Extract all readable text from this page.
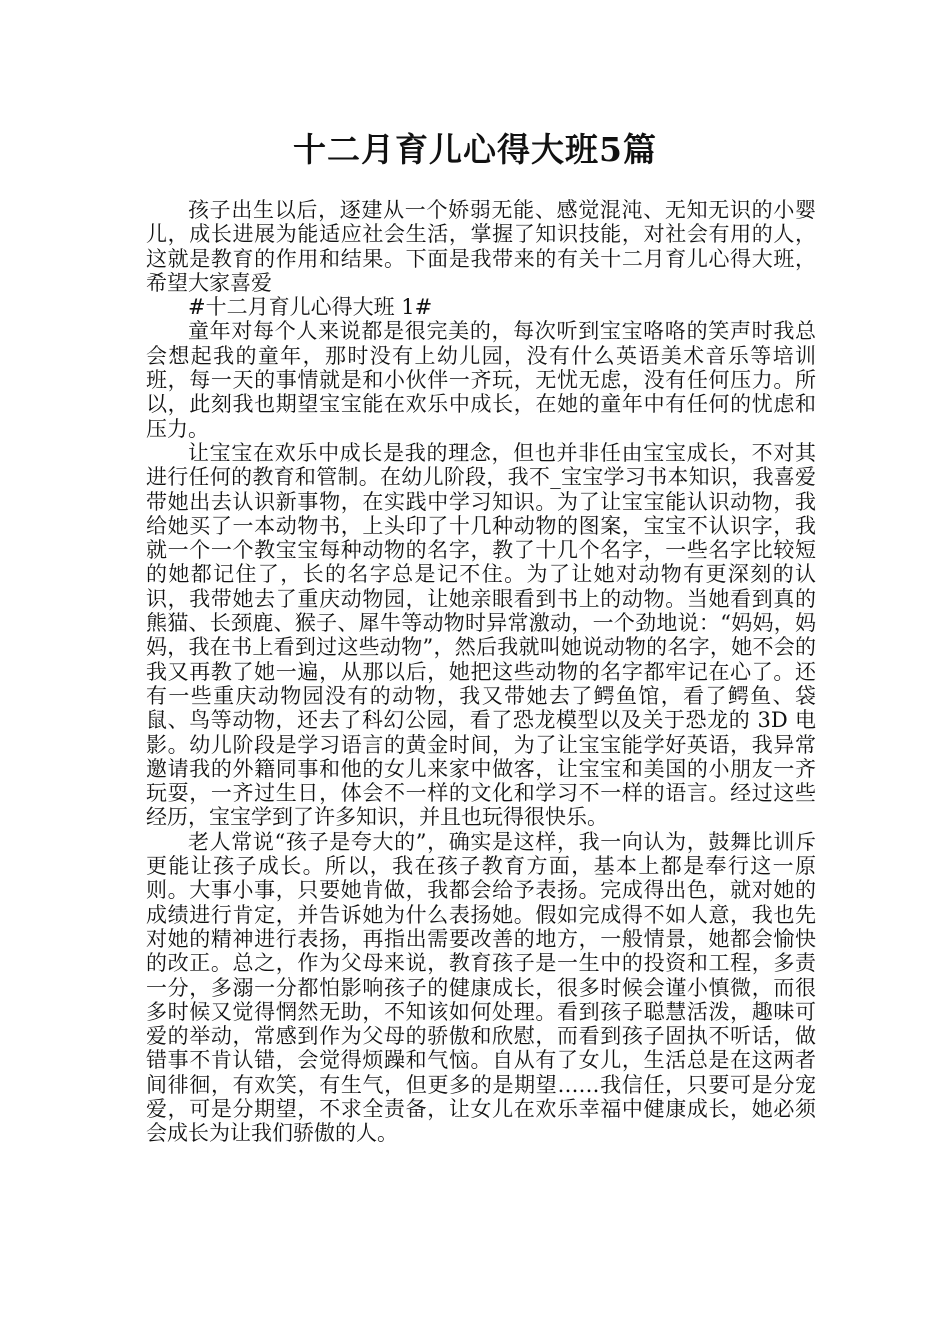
十二月育儿心得大班5篇

孩子出生以后，逐建从一个娇弱无能、感觉混沌、无知无识的小婴儿，成长进展为能适应社会生活，掌握了知识技能，对社会有用的人，这就是教育的作用和结果。下面是我带来的有关十二月育儿心得大班，希望大家喜爱

#十二月育儿心得大班 1#

童年对每个人来说都是很完美的，每次听到宝宝咯咯的笑声时我总会想起我的童年，那时没有上幼儿园，没有什么英语美术音乐等培训班，每一天的事情就是和小伙伴一齐玩，无忧无虑，没有任何压力。所以，此刻我也期望宝宝能在欢乐中成长，在她的童年中有任何的忧虑和压力。

让宝宝在欢乐中成长是我的理念，但也并非任由宝宝成长，不对其进行任何的教育和管制。在幼儿阶段，我不_宝宝学习书本知识，我喜爱带她出去认识新事物，在实践中学习知识。为了让宝宝能认识动物，我给她买了一本动物书，上头印了十几种动物的图案，宝宝不认识字，我就一个一个教宝宝每种动物的名字，教了十几个名字，一些名字比较短的她都记住了，长的名字总是记不住。为了让她对动物有更深刻的认识，我带她去了重庆动物园，让她亲眼看到书上的动物。当她看到真的熊猫、长颈鹿、猴子、犀牛等动物时异常激动，一个劲地说：“妈妈，妈妈，我在书上看到过这些动物”，然后我就叫她说动物的名字，她不会的我又再教了她一遍，从那以后，她把这些动物的名字都牢记在心了。还有一些重庆动物园没有的动物，我又带她去了鳄鱼馆，看了鳄鱼、袋鼠、鸟等动物，还去了科幻公园，看了恐龙模型以及关于恐龙的 3D 电影。幼儿阶段是学习语言的黄金时间，为了让宝宝能学好英语，我异常邀请我的外籍同事和他的女儿来家中做客，让宝宝和美国的小朋友一齐玩耍，一齐过生日，体会不一样的文化和学习不一样的语言。经过这些经历，宝宝学到了许多知识，并且也玩得很快乐。

老人常说“孩子是夸大的”，确实是这样，我一向认为，鼓舞比训斥更能让孩子成长。所以，我在孩子教育方面，基本上都是奉行这一原则。大事小事，只要她肯做，我都会给予表扬。完成得出色，就对她的成绩进行肯定，并告诉她为什么表扬她。假如完成得不如人意，我也先对她的精神进行表扬，再指出需要改善的地方，一般情景，她都会愉快的改正。总之，作为父母来说，教育孩子是一生中的投资和工程，多责一分，多溺一分都怕影响孩子的健康成长，很多时候会谨小慎微，而很多时候又觉得惘然无助，不知该如何处理。看到孩子聪慧活泼，趣味可爱的举动，常感到作为父母的骄傲和欣慰，而看到孩子固执不听话，做错事不肯认错，会觉得烦躁和气恼。自从有了女儿，生活总是在这两者间徘徊，有欢笑，有生气，但更多的是期望……我信任，只要可是分宠爱，可是分期望，不求全责备，让女儿在欢乐幸福中健康成长，她必须会成长为让我们骄傲的人。
